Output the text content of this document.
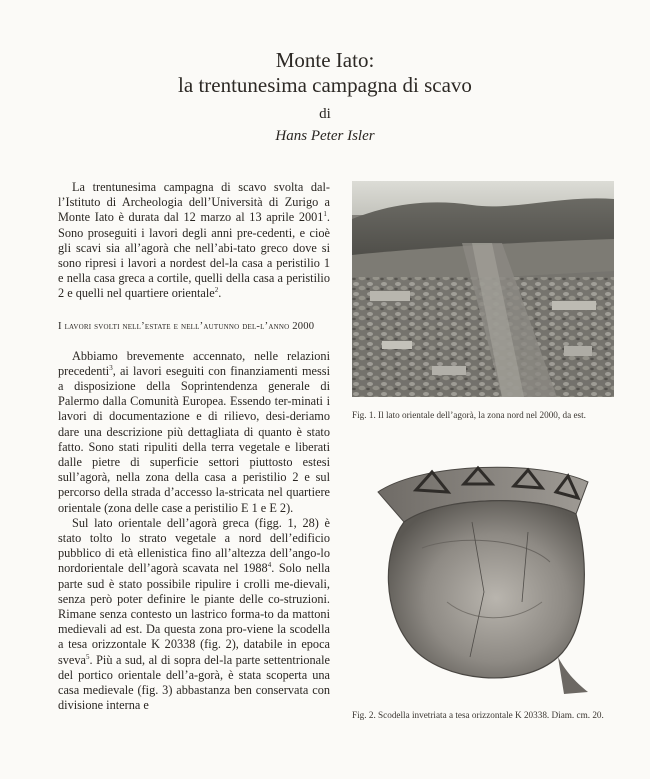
Monte Iato:
la trentunesima campagna di scavo
di
Hans Peter Isler

La trentunesima campagna di scavo svolta dal-l’Istituto di Archeologia dell’Università di Zurigo a Monte Iato è durata dal 12 marzo al 13 aprile 2001$^1$. Sono proseguiti i lavori degli anni pre-cedenti, e cioè gli scavi sia all’agorà che nell’abi-tato greco dove si sono ripresi i lavori a nordest del-la casa a peristilio 1 e nella casa greca a cortile, quelli della casa a peristilio 2 e quelli nel quartiere orientale$^2$.

I lavori svolti nell’estate e nell’autunno del-l’anno 2000

Abbiamo brevemente accennato, nelle relazioni precedenti$^3$, ai lavori eseguiti con finanziamenti messi a disposizione della Soprintendenza generale di Palermo dalla Comunità Europea. Essendo ter-minati i lavori di documentazione e di rilievo, desi-deriamo dare una descrizione più dettagliata di quanto è stato fatto. Sono stati ripuliti della terra vegetale e liberati dalle pietre di superficie settori piuttosto estesi sull’agorà, nella zona della casa a peristilio 2 e sul percorso della strada d’accesso la-stricata nel quartiere orientale (zona delle case a peristilio E 1 e E 2).

Sul lato orientale dell’agorà greca (figg. 1, 28) è stato tolto lo strato vegetale a nord dell’edificio pubblico di età ellenistica fino all’altezza dell’ango-lo nordorientale dell’agorà scavata nel 1988$^4$. Solo nella parte sud è stato possibile ripulire i crolli me-dievali, senza però poter definire le piante delle co-struzioni. Rimane senza contesto un lastrico forma-to da mattoni medievali ad est. Da questa zona pro-viene la scodella a tesa orizzontale K 20338 (fig. 2), databile in epoca sveva$^5$. Più a sud, al di sopra del-la parte settentrionale del portico orientale dell’a-gorà, è stata scoperta una casa medievale (fig. 3) abbastanza ben conservata con divisione interna e

Fig. 1. Il lato orientale dell’agorà, la zona nord nel 2000, da est.
Fig. 2. Scodella invetriata a tesa orizzontale K 20338. Diam. cm. 20.
